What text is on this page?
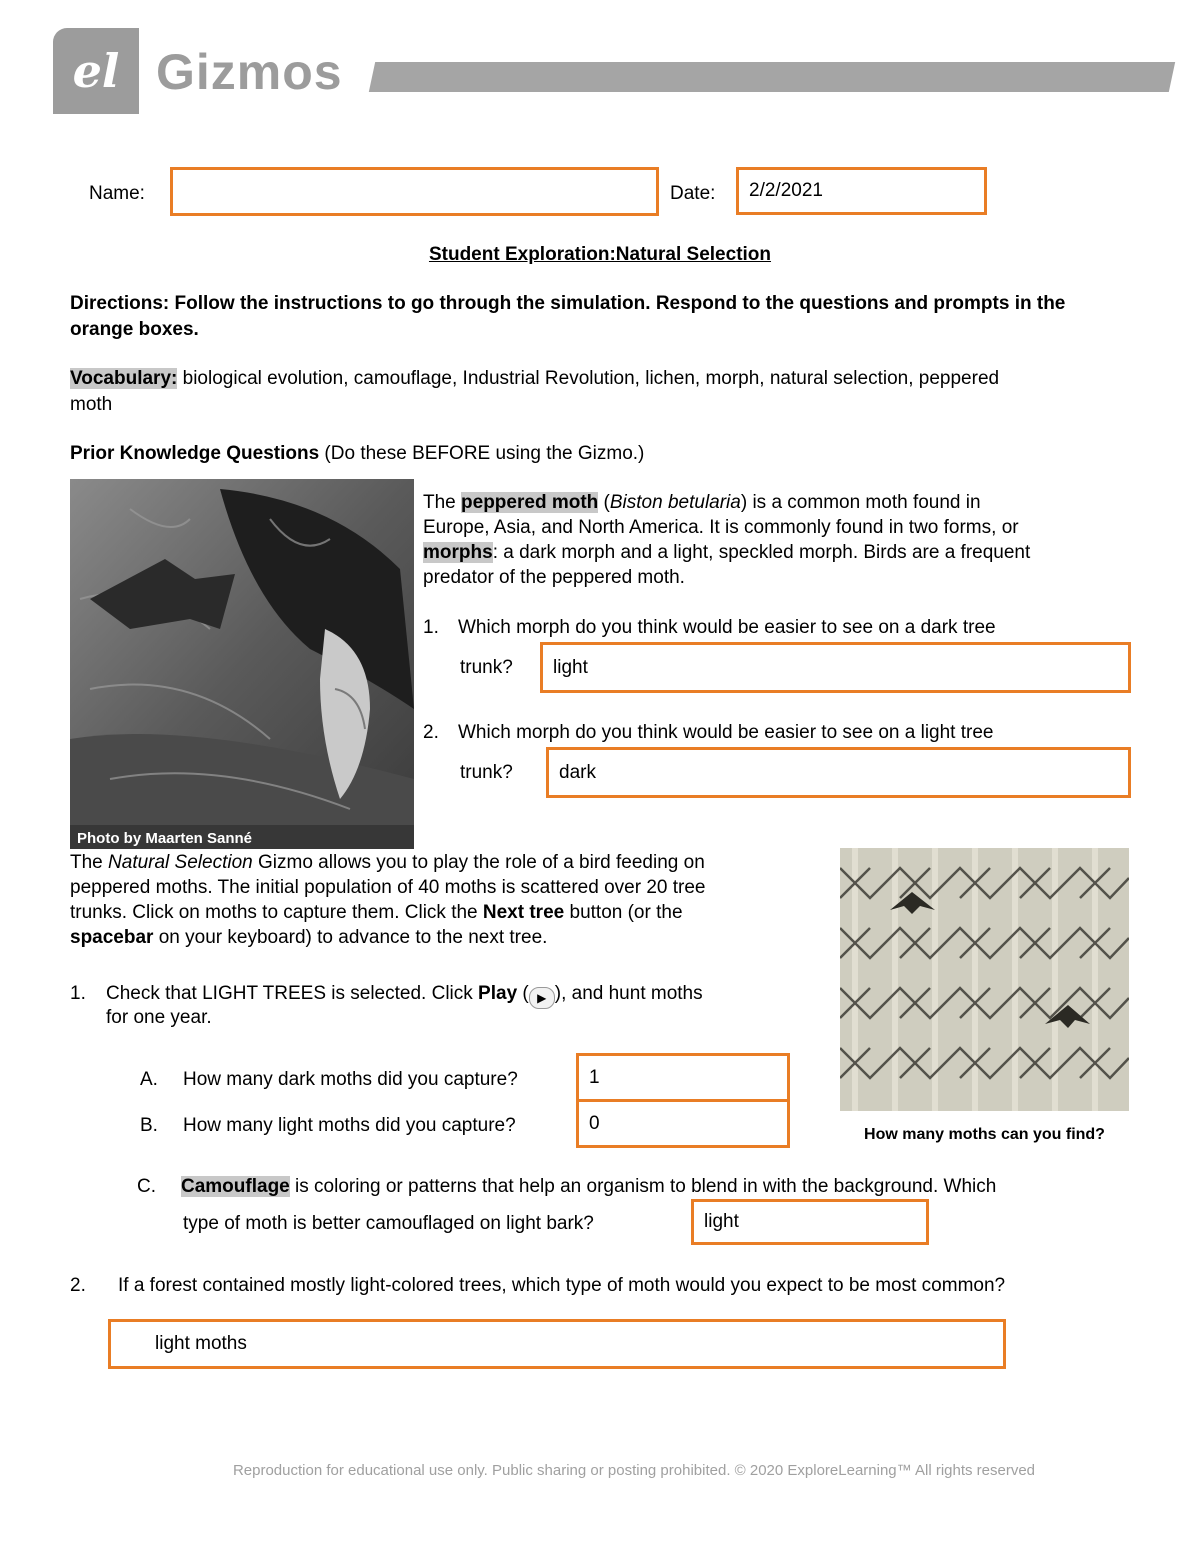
el Gizmos
Name:	Date:	2/2/2021
Student Exploration:Natural Selection
Directions: Follow the instructions to go through the simulation. Respond to the questions and prompts in the orange boxes.
Vocabulary: biological evolution, camouflage, Industrial Revolution, lichen, morph, natural selection, peppered
moth
Prior Knowledge Questions (Do these BEFORE using the Gizmo.)
Photo by Maarten Sanné
The peppered moth (Biston betularia) is a common moth found in
Europe, Asia, and North America. It is commonly found in two forms, or
morphs: a dark morph and a light, speckled morph. Birds are a frequent
predator of the peppered moth.
1. Which morph do you think would be easier to see on a dark tree
trunk?	light
2. Which morph do you think would be easier to see on a light tree
trunk?	dark
The Natural Selection Gizmo allows you to play the role of a bird feeding on
peppered moths. The initial population of 40 moths is scattered over 20 tree
trunks. Click on moths to capture them. Click the Next tree button (or the
spacebar on your keyboard) to advance to the next tree.
How many moths can you find?
1. Check that LIGHT TREES is selected. Click Play ( ▶ ), and hunt moths
for one year.
A. How many dark moths did you capture?	1
B. How many light moths did you capture?	0
C. Camouflage is coloring or patterns that help an organism to blend in with the background. Which
type of moth is better camouflaged on light bark?	light
2. If a forest contained mostly light-colored trees, which type of moth would you expect to be most common?
light moths
Reproduction for educational use only. Public sharing or posting prohibited. © 2020 ExploreLearning™ All rights reserved
